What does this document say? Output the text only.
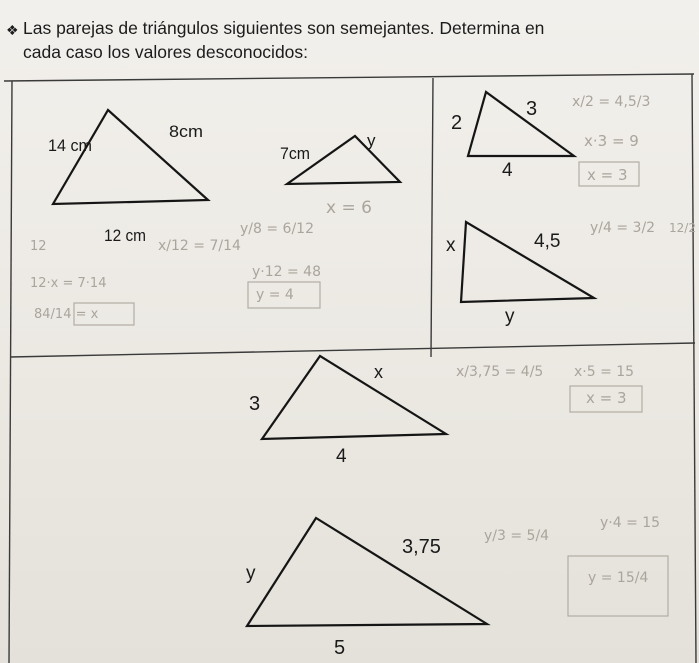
❖ Las parejas de triángulos siguientes son semejantes. Determina en
cada caso los valores desconocidos:
14 cm
8cm
12 cm
7cm
y
x = 6
x/12 = 7/14
y/8 = 6/12
y·12 = 48
y = 4
12·x = 7·14
84/14 = x
12
2
3
4
x	4,5
y
x/2 = 4,5/3
x·3 = 9
x = 3
y/4 = 3/2 12/2
3
x
4
3,75
y
5
x/3,75 = 4/5 x·5 = 15
x = 3
y/3 = 5/4
y·4 = 15
y = 15/4
